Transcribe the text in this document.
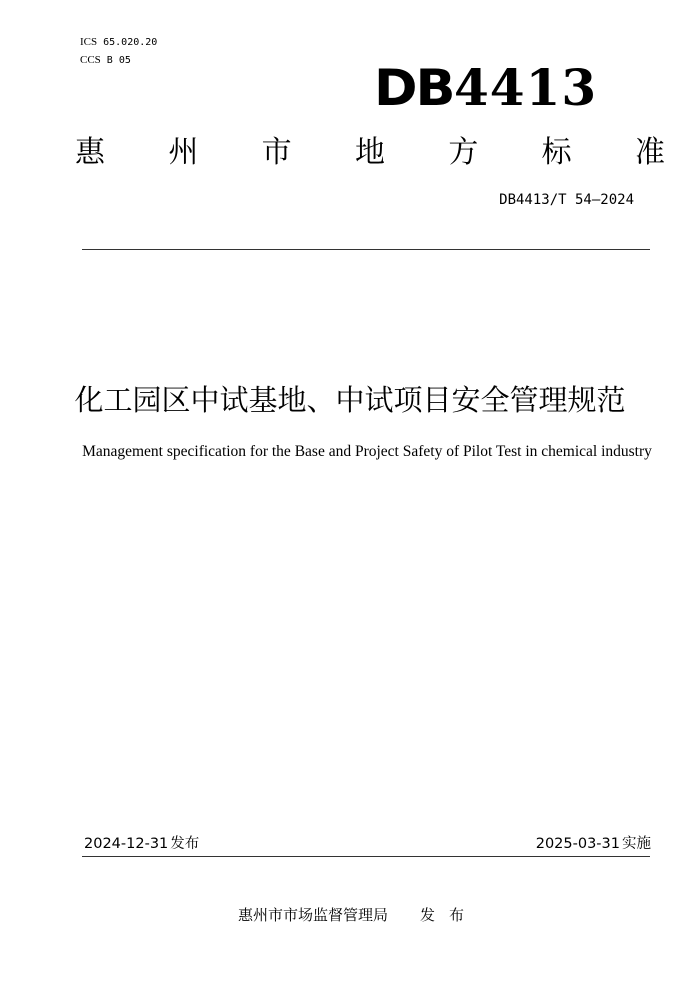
ICS 65.020.20
CCS B 05	DB 4413
惠 州 市 地 方 标 准
DB4413/T 54—2024
化工园区中试基地、中试项目安全管理规范
Management specification for the Base and Project Safety of Pilot Test in chemical industry
2024-12-31 发布	2025-03-31 实施
惠州市市场监督管理局 发布
